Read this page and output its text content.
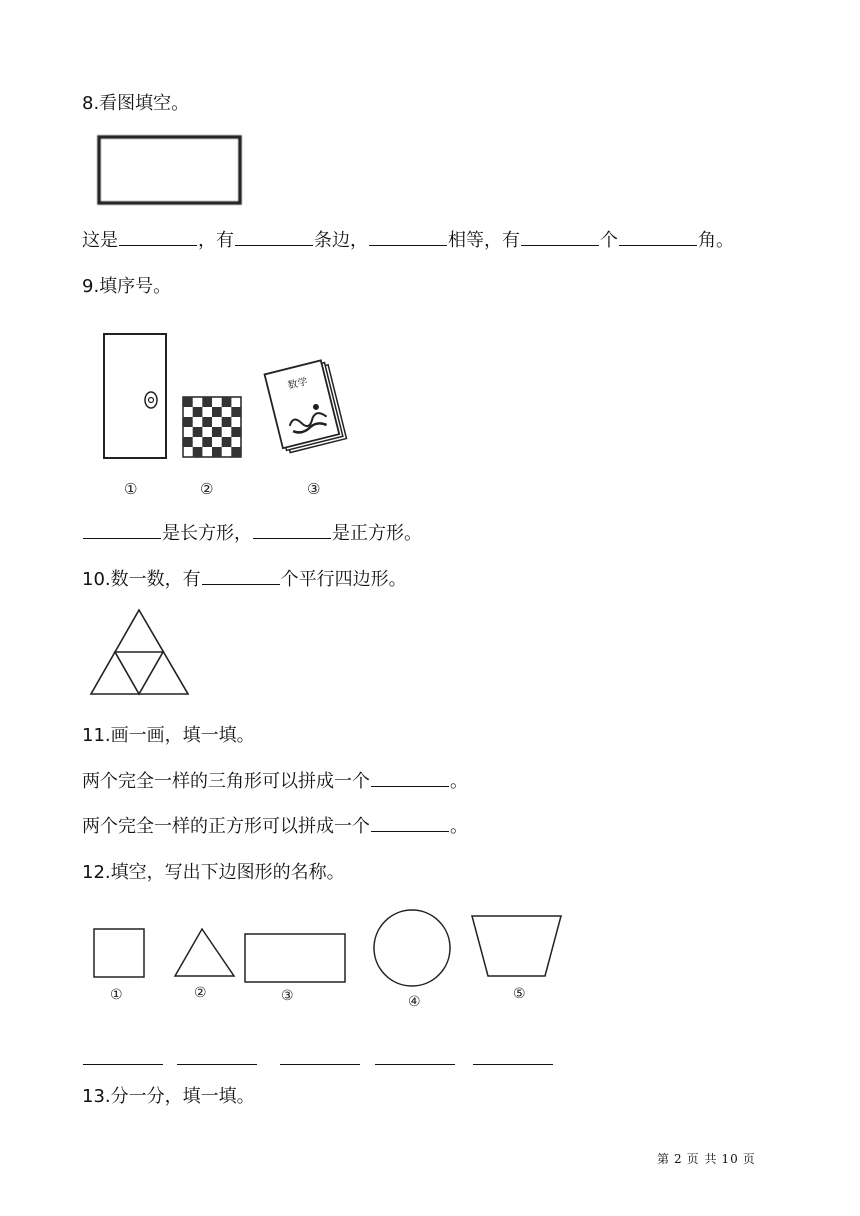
8.看图填空。
这是	，有	条边，	相等，有	个	角。
9.填序号。
数学
①	②	③
是长方形，	是正方形。
10.数一数，有	个平行四边形。
11.画一画，填一填。
两个完全一样的三角形可以拼成一个	。
两个完全一样的正方形可以拼成一个	。
12.填空，写出下边图形的名称。
①	②	③	④	⑤
13.分一分，填一填。
第 2 页 共 10 页
